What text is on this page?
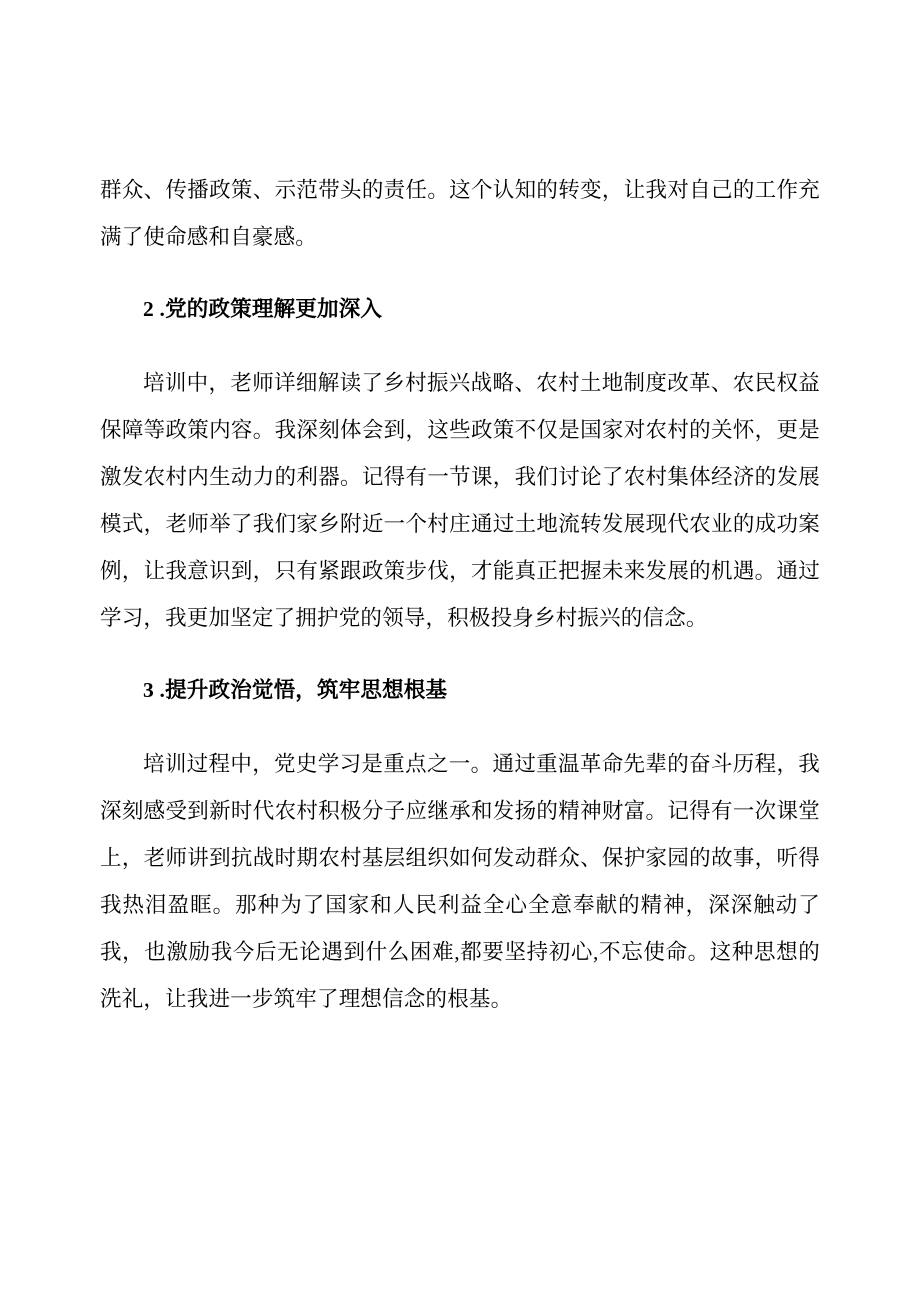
群众、传播政策、示范带头的责任。这个认知的转变，让我对自己的工作充满了使命感和自豪感。

2 .党的政策理解更加深入

培训中，老师详细解读了乡村振兴战略、农村土地制度改革、农民权益保障等政策内容。我深刻体会到，这些政策不仅是国家对农村的关怀，更是激发农村内生动力的利器。记得有一节课，我们讨论了农村集体经济的发展模式，老师举了我们家乡附近一个村庄通过土地流转发展现代农业的成功案例，让我意识到，只有紧跟政策步伐，才能真正把握未来发展的机遇。通过学习，我更加坚定了拥护党的领导，积极投身乡村振兴的信念。

3 .提升政治觉悟，筑牢思想根基

培训过程中，党史学习是重点之一。通过重温革命先辈的奋斗历程，我深刻感受到新时代农村积极分子应继承和发扬的精神财富。记得有一次课堂上，老师讲到抗战时期农村基层组织如何发动群众、保护家园的故事，听得我热泪盈眶。那种为了国家和人民利益全心全意奉献的精神，深深触动了我，也激励我今后无论遇到什么困难,都要坚持初心,不忘使命。这种思想的洗礼，让我进一步筑牢了理想信念的根基。
